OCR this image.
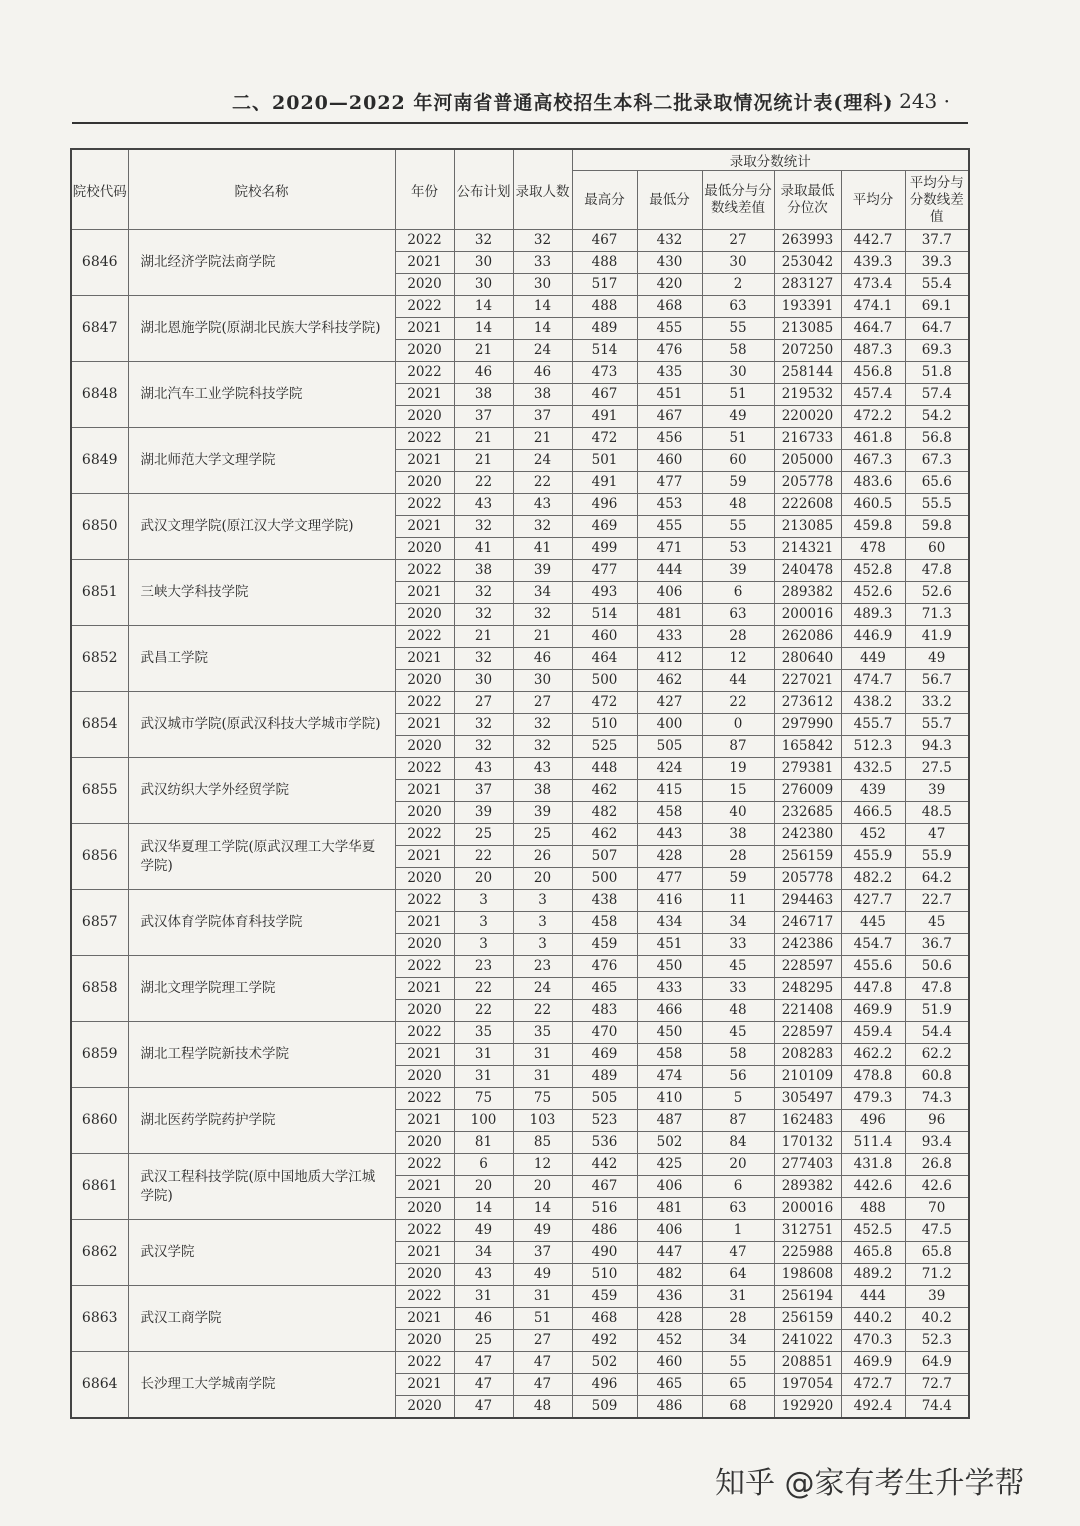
二、2020—2022 年河南省普通高校招生本科二批录取情况统计表(理科)
· 243 ·
院校代码	院校名称	年份	公布计划	录取人数	录取分数统计					
					最高分	最低分	最低分与分数线差值	录取最低分位次	平均分	平均分与分数线差值
6846	湖北经济学院法商学院	2022	32	32	467	432	27	263993	442.7	37.7
		2021	30	33	488	430	30	253042	439.3	39.3
		2020	30	30	517	420	2	283127	473.4	55.4
6847	湖北恩施学院(原湖北民族大学科技学院)	2022	14	14	488	468	63	193391	474.1	69.1
		2021	14	14	489	455	55	213085	464.7	64.7
		2020	21	24	514	476	58	207250	487.3	69.3
6848	湖北汽车工业学院科技学院	2022	46	46	473	435	30	258144	456.8	51.8
		2021	38	38	467	451	51	219532	457.4	57.4
		2020	37	37	491	467	49	220020	472.2	54.2
6849	湖北师范大学文理学院	2022	21	21	472	456	51	216733	461.8	56.8
		2021	21	24	501	460	60	205000	467.3	67.3
		2020	22	22	491	477	59	205778	483.6	65.6
6850	武汉文理学院(原江汉大学文理学院)	2022	43	43	496	453	48	222608	460.5	55.5
		2021	32	32	469	455	55	213085	459.8	59.8
		2020	41	41	499	471	53	214321	478	60
6851	三峡大学科技学院	2022	38	39	477	444	39	240478	452.8	47.8
		2021	32	34	493	406	6	289382	452.6	52.6
		2020	32	32	514	481	63	200016	489.3	71.3
6852	武昌工学院	2022	21	21	460	433	28	262086	446.9	41.9
		2021	32	46	464	412	12	280640	449	49
		2020	30	30	500	462	44	227021	474.7	56.7
6854	武汉城市学院(原武汉科技大学城市学院)	2022	27	27	472	427	22	273612	438.2	33.2
		2021	32	32	510	400	0	297990	455.7	55.7
		2020	32	32	525	505	87	165842	512.3	94.3
6855	武汉纺织大学外经贸学院	2022	43	43	448	424	19	279381	432.5	27.5
		2021	37	38	462	415	15	276009	439	39
		2020	39	39	482	458	40	232685	466.5	48.5
6856	武汉华夏理工学院(原武汉理工大学华夏学院)	2022	25	25	462	443	38	242380	452	47
		2021	22	26	507	428	28	256159	455.9	55.9
		2020	20	20	500	477	59	205778	482.2	64.2
6857	武汉体育学院体育科技学院	2022	3	3	438	416	11	294463	427.7	22.7
		2021	3	3	458	434	34	246717	445	45
		2020	3	3	459	451	33	242386	454.7	36.7
6858	湖北文理学院理工学院	2022	23	23	476	450	45	228597	455.6	50.6
		2021	22	24	465	433	33	248295	447.8	47.8
		2020	22	22	483	466	48	221408	469.9	51.9
6859	湖北工程学院新技术学院	2022	35	35	470	450	45	228597	459.4	54.4
		2021	31	31	469	458	58	208283	462.2	62.2
		2020	31	31	489	474	56	210109	478.8	60.8
6860	湖北医药学院药护学院	2022	75	75	505	410	5	305497	479.3	74.3
		2021	100	103	523	487	87	162483	496	96
		2020	81	85	536	502	84	170132	511.4	93.4
6861	武汉工程科技学院(原中国地质大学江城学院)	2022	6	12	442	425	20	277403	431.8	26.8
		2021	20	20	467	406	6	289382	442.6	42.6
		2020	14	14	516	481	63	200016	488	70
6862	武汉学院	2022	49	49	486	406	1	312751	452.5	47.5
		2021	34	37	490	447	47	225988	465.8	65.8
		2020	43	49	510	482	64	198608	489.2	71.2
6863	武汉工商学院	2022	31	31	459	436	31	256194	444	39
		2021	46	51	468	428	28	256159	440.2	40.2
		2020	25	27	492	452	34	241022	470.3	52.3
6864	长沙理工大学城南学院	2022	47	47	502	460	55	208851	469.9	64.9
		2021	47	47	496	465	65	197054	472.7	72.7
		2020	47	48	509	486	68	192920	492.4	74.4
知乎 @家有考生升学帮
